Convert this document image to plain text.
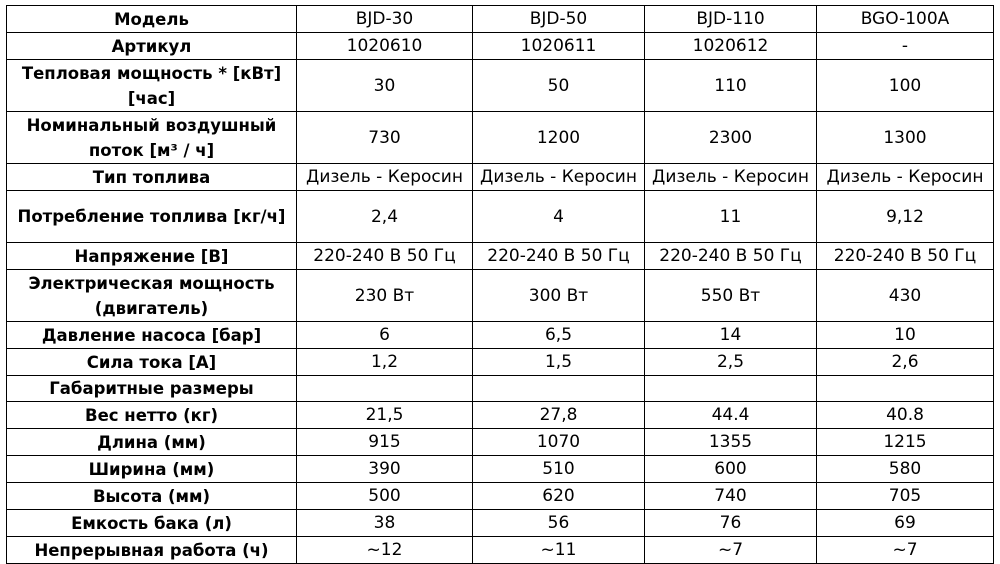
Модель	BJD-30	BJD-50	BJD-110	BGO-100A
Артикул	1020610	1020611	1020612	-
Тепловая мощность * [кВт] [час]	30	50	110	100
Номинальный воздушный поток [м³ / ч]	730	1200	2300	1300
Тип топлива	Дизель - Керосин	Дизель - Керосин	Дизель - Керосин	Дизель - Керосин
Потребление топлива [кг/ч]	2,4	4	11	9,12
Напряжение [В]	220-240 В 50 Гц	220-240 В 50 Гц	220-240 В 50 Гц	220-240 В 50 Гц
Электрическая мощность (двигатель)	230 Вт	300 Вт	550 Вт	430
Давление насоса [бар]	6	6,5	14	10
Сила тока [А]	1,2	1,5	2,5	2,6
Габаритные размеры				
Вес нетто (кг)	21,5	27,8	44.4	40.8
Длина (мм)	915	1070	1355	1215
Ширина (мм)	390	510	600	580
Высота (мм)	500	620	740	705
Емкость бака (л)	38	56	76	69
Непрерывная работа (ч)	~12	~11	~7	~7
